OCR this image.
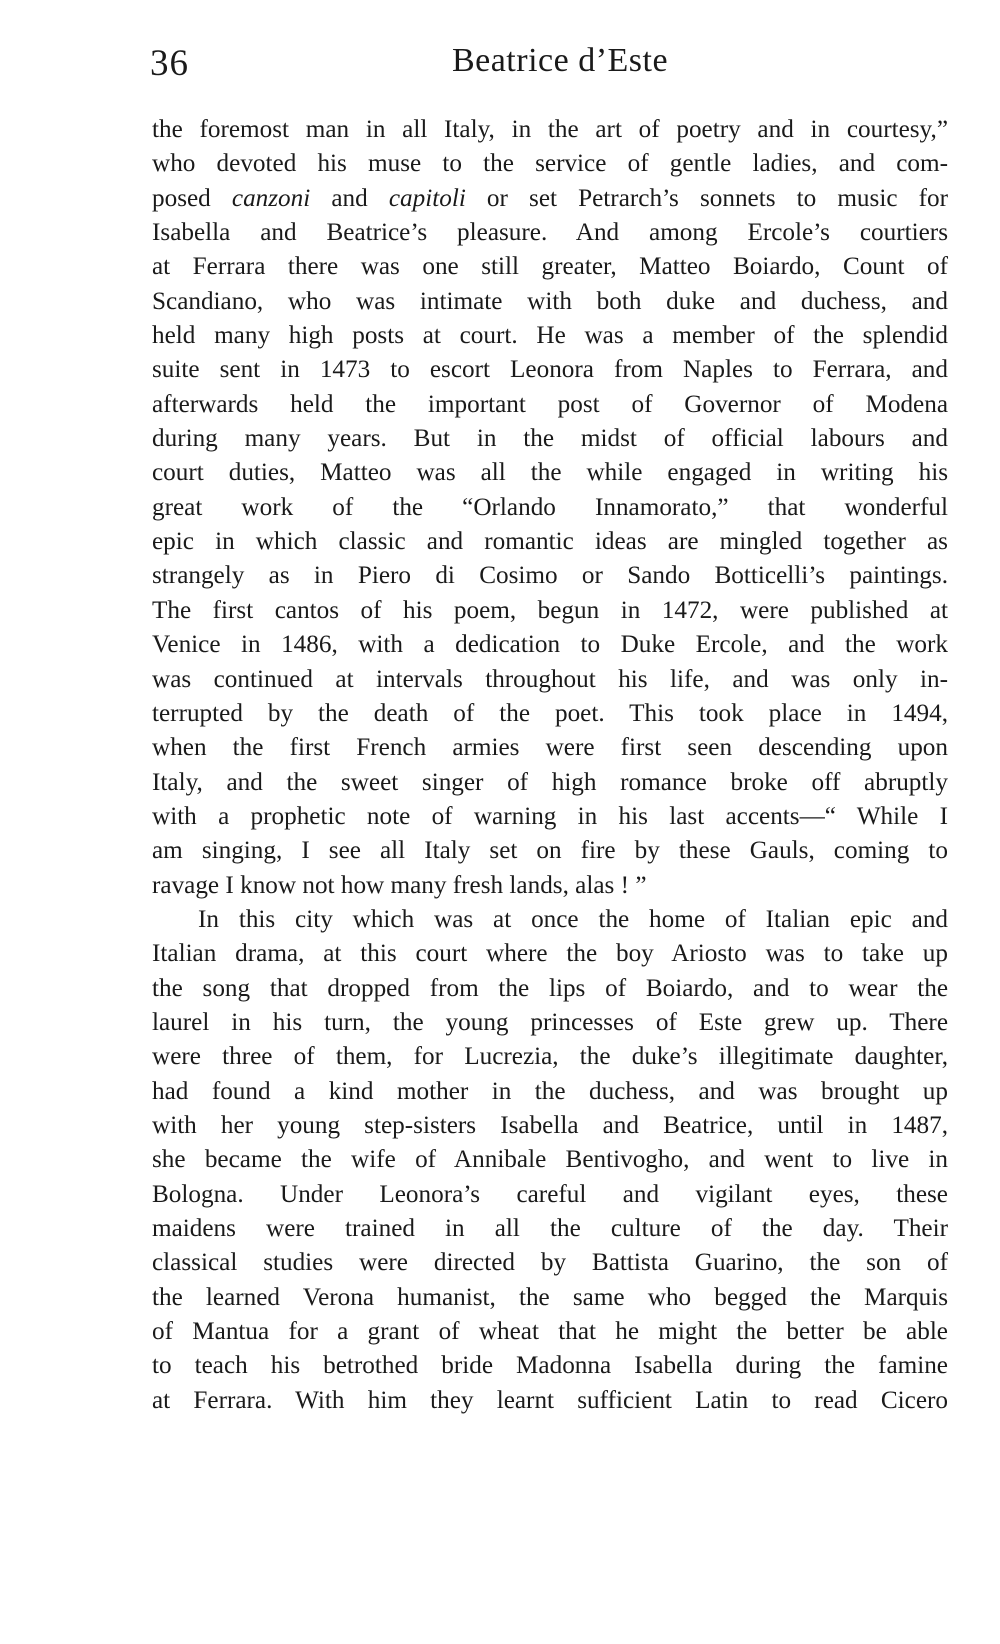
36	Beatrice d’Este
the foremost man in all Italy, in the art of poetry and in courtesy,”
who devoted his muse to the service of gentle ladies, and com-
posed canzoni and capitoli or set Petrarch’s sonnets to music for
Isabella and Beatrice’s pleasure. And among Ercole’s courtiers
at Ferrara there was one still greater, Matteo Boiardo, Count of
Scandiano, who was intimate with both duke and duchess, and
held many high posts at court. He was a member of the splendid
suite sent in 1473 to escort Leonora from Naples to Ferrara, and
afterwards held the important post of Governor of Modena
during many years. But in the midst of official labours and
court duties, Matteo was all the while engaged in writing his
great work of the “Orlando Innamorato,” that wonderful
epic in which classic and romantic ideas are mingled together as
strangely as in Piero di Cosimo or Sando Botticelli’s paintings.
The first cantos of his poem, begun in 1472, were published at
Venice in 1486, with a dedication to Duke Ercole, and the work
was continued at intervals throughout his life, and was only in-
terrupted by the death of the poet. This took place in 1494,
when the first French armies were first seen descending upon
Italy, and the sweet singer of high romance broke off abruptly
with a prophetic note of warning in his last accents—“ While I
am singing, I see all Italy set on fire by these Gauls, coming to
ravage I know not how many fresh lands, alas ! ”
In this city which was at once the home of Italian epic and
Italian drama, at this court where the boy Ariosto was to take up
the song that dropped from the lips of Boiardo, and to wear the
laurel in his turn, the young princesses of Este grew up. There
were three of them, for Lucrezia, the duke’s illegitimate daughter,
had found a kind mother in the duchess, and was brought up
with her young step-sisters Isabella and Beatrice, until in 1487,
she became the wife of Annibale Bentivogho, and went to live in
Bologna. Under Leonora’s careful and vigilant eyes, these
maidens were trained in all the culture of the day. Their
classical studies were directed by Battista Guarino, the son of
the learned Verona humanist, the same who begged the Marquis
of Mantua for a grant of wheat that he might the better be able
to teach his betrothed bride Madonna Isabella during the famine
at Ferrara. With him they learnt sufficient Latin to read Cicero
